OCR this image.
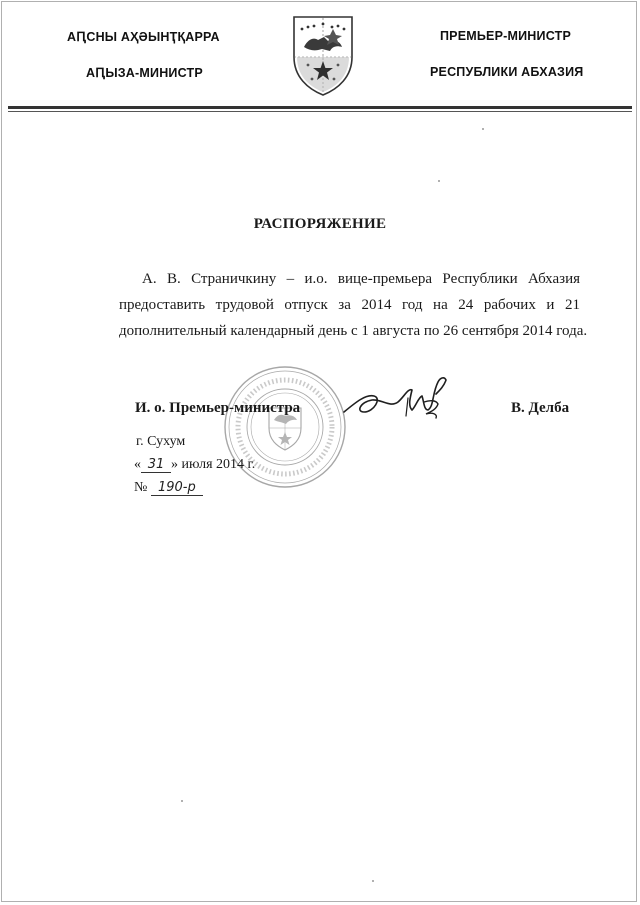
АԤСНЫ АҲӘЫНҬҚАРРА
АԤЫЗА-МИНИСТР
ПРЕМЬЕР-МИНИСТР
РЕСПУБЛИКИ АБХАЗИЯ
РАСПОРЯЖЕНИЕ
А. В. Страничкину – и.о. вице-премьера Республики Абхазия
предоставить трудовой отпуск за 2014 год на 24 рабочих и 21
дополнительный календарный день с 1 августа по 26 сентября 2014 года.
И. о. Премьер-министра	В. Делба
г. Сухум
« 31 » июля 2014 г.
№ 190-р
